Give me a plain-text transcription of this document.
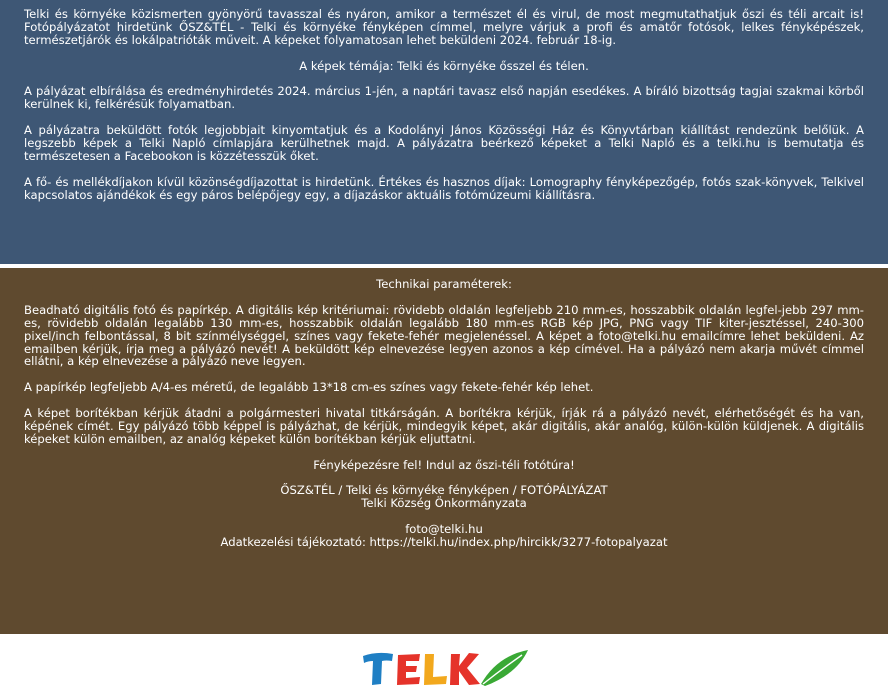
Telki és környéke közismerten gyönyörű tavasszal és nyáron, amikor a természet él és virul, de most megmutathatjuk őszi és téli arcait is! Fotópályázatot hirdetünk ŐSZ&TÉL - Telki és környéke fényképen címmel, melyre várjuk a profi és amatőr fotósok, lelkes fényképészek, természetjárók és lokálpatrióták műveit. A képeket folyamatosan lehet beküldeni 2024. február 18-ig.

A képek témája: Telki és környéke ősszel és télen.

A pályázat elbírálása és eredményhirdetés 2024. március 1-jén, a naptári tavasz első napján esedékes. A bíráló bizottság tagjai szakmai körből kerülnek ki, felkérésük folyamatban.

A pályázatra beküldött fotók legjobbjait kinyomtatjuk és a Kodolányi János Közösségi Ház és Könyvtárban kiállítást rendezünk belőlük. A legszebb képek a Telki Napló címlapjára kerülhetnek majd. A pályázatra beérkező képeket a Telki Napló és a telki.hu is bemutatja és természetesen a Facebookon is közzétesszük őket.

A fő- és mellékdíjakon kívül közönségdíjazottat is hirdetünk. Értékes és hasznos díjak: Lomography fényképezőgép, fotós szak-könyvek, Telkivel kapcsolatos ajándékok és egy páros belépőjegy egy, a díjazáskor aktuális fotómúzeumi kiállításra.

Technikai paraméterek:

Beadható digitális fotó és papírkép. A digitális kép kritériumai: rövidebb oldalán legfeljebb 210 mm-es, hosszabbik oldalán legfel-jebb 297 mm-es, rövidebb oldalán legalább 130 mm-es, hosszabbik oldalán legalább 180 mm-es RGB kép JPG, PNG vagy TIF kiter-jesztéssel, 240-300 pixel/inch felbontással, 8 bit színmélységgel, színes vagy fekete-fehér megjelenéssel. A képet a foto@telki.hu emailcímre lehet beküldeni. Az emailben kérjük, írja meg a pályázó nevét! A beküldött kép elnevezése legyen azonos a kép címével. Ha a pályázó nem akarja művét címmel ellátni, a kép elnevezése a pályázó neve legyen.

A papírkép legfeljebb A/4-es méretű, de legalább 13*18 cm-es színes vagy fekete-fehér kép lehet.

A képet borítékban kérjük átadni a polgármesteri hivatal titkárságán. A borítékra kérjük, írják rá a pályázó nevét, elérhetőségét és ha van, képének címét. Egy pályázó több képpel is pályázhat, de kérjük, mindegyik képet, akár digitális, akár analóg, külön-külön küldjenek. A digitális képeket külön emailben, az analóg képeket külön borítékban kérjük eljuttatni.

Fényképezésre fel! Indul az őszi-téli fotótúra!

ŐSZ&TÉL / Telki és környéke fényképen / FOTÓPÁLYÁZAT

Telki Község Önkormányzata

foto@telki.hu

Adatkezelési tájékoztató: https://telki.hu/index.php/hircikk/3277-fotopalyazat
